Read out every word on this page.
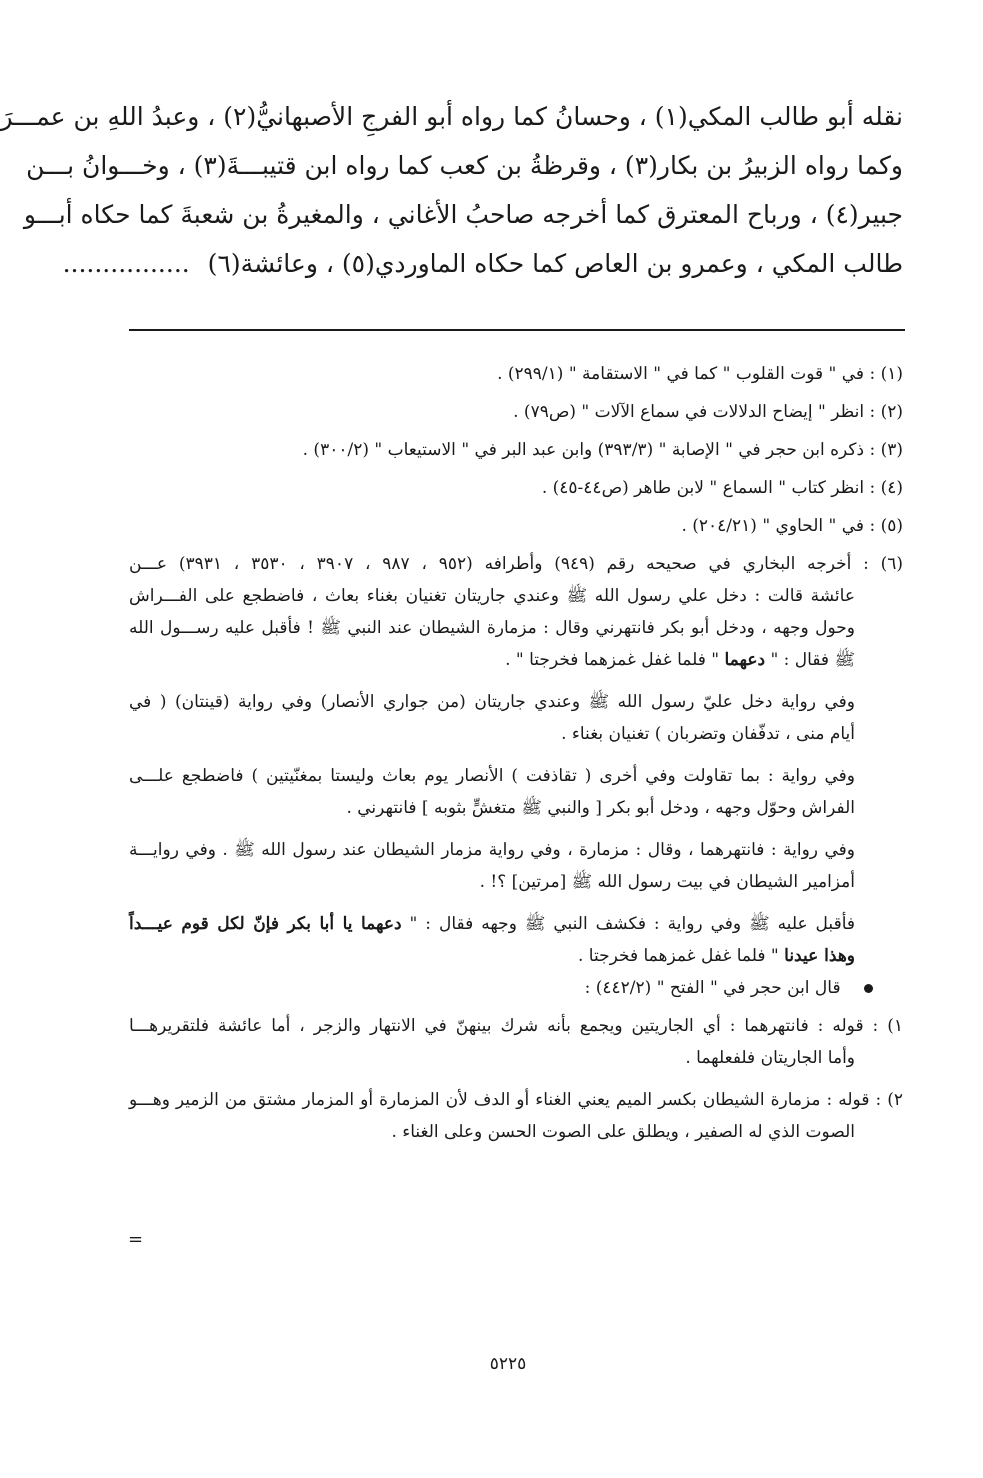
نقله أبو طالب المكي(١) ، وحسانُ كما رواه أبو الفرجِ الأصبهانيُّ(٢) ، وعبدُ اللهِ بن عمـــرَ
وكما رواه الزبيرُ بن بكار(٣) ، وقرظةُ بن كعب كما رواه ابن قتيبـــةَ(٣) ، وخـــوانُ بـــن
جبير(٤) ، ورباح المعترق كما أخرجه صاحبُ الأغاني ، والمغيرةُ بن شعبةَ كما حكاه أبـــو
طالب المكي ، وعمرو بن العاص كما حكاه الماوردي(٥) ، وعائشة(٦) ................
(١) : في " قوت القلوب " كما في " الاستقامة " (٢٩٩/١) .
(٢) : انظر " إيضاح الدلالات في سماع الآلات " (ص٧٩) .
(٣) : ذكره ابن حجر في " الإصابة " (٣٩٣/٣) وابن عبد البر في " الاستيعاب " (٣٠٠/٢) .
(٤) : انظر كتاب " السماع " لابن طاهر (ص٤٤-٤٥) .
(٥) : في " الحاوي " (٢٠٤/٢١) .
(٦) : أخرجه البخاري في صحيحه رقم (٩٤٩) وأطرافه (٩٥٢ ، ٩٨٧ ، ٣٩٠٧ ، ٣٥٣٠ ، ٣٩٣١) عـــن
عائشة قالت : دخل علي رسول الله ﷺ وعندي جاريتان تغنيان بغناء بعاث ، فاضطجع على الفـــراش
وحول وجهه ، ودخل أبو بكر فانتهرني وقال : مزمارة الشيطان عند النبي ﷺ ! فأقبل عليه رســـول الله
ﷺ فقال : " دعهما " فلما غفل غمزهما فخرجتا " .
وفي رواية دخل عليّ رسول الله ﷺ وعندي جاريتان (من جواري الأنصار) وفي رواية (قينتان) ( في
أيام منى ، تدفّفان وتضربان ) تغنيان بغناء .
وفي رواية : بما تقاولت وفي أخرى ( تقاذفت ) الأنصار يوم بعاث وليستا بمغنّيتين ) فاضطجع علـــى
الفراش وحوّل وجهه ، ودخل أبو بكر [ والنبي ﷺ متغشٍّ بثوبه ] فانتهرني .
وفي رواية : فانتهرهما ، وقال : مزمارة ، وفي رواية مزمار الشيطان عند رسول الله ﷺ . وفي روايـــة
أمزامير الشيطان في بيت رسول الله ﷺ [مرتين] ؟! .
فأقبل عليه ﷺ وفي رواية : فكشف النبي ﷺ وجهه فقال : " دعهما يا أبا بكر فإنّ لكل قوم عيـــداً
وهذا عيدنا " فلما غفل غمزهما فخرجتا .
قال ابن حجر في " الفتح " (٤٤٢/٢) :
١) : قوله : فانتهرهما : أي الجاريتين ويجمع بأنه شرك بينهنّ في الانتهار والزجر ، أما عائشة فلتقريرهـــا
وأما الجاريتان فلفعلهما .
٢) : قوله : مزمارة الشيطان بكسر الميم يعني الغناء أو الدف لأن المزمارة أو المزمار مشتق من الزمير وهـــو
الصوت الذي له الصفير ، ويطلق على الصوت الحسن وعلى الغناء .
=
٥٢٢٥
